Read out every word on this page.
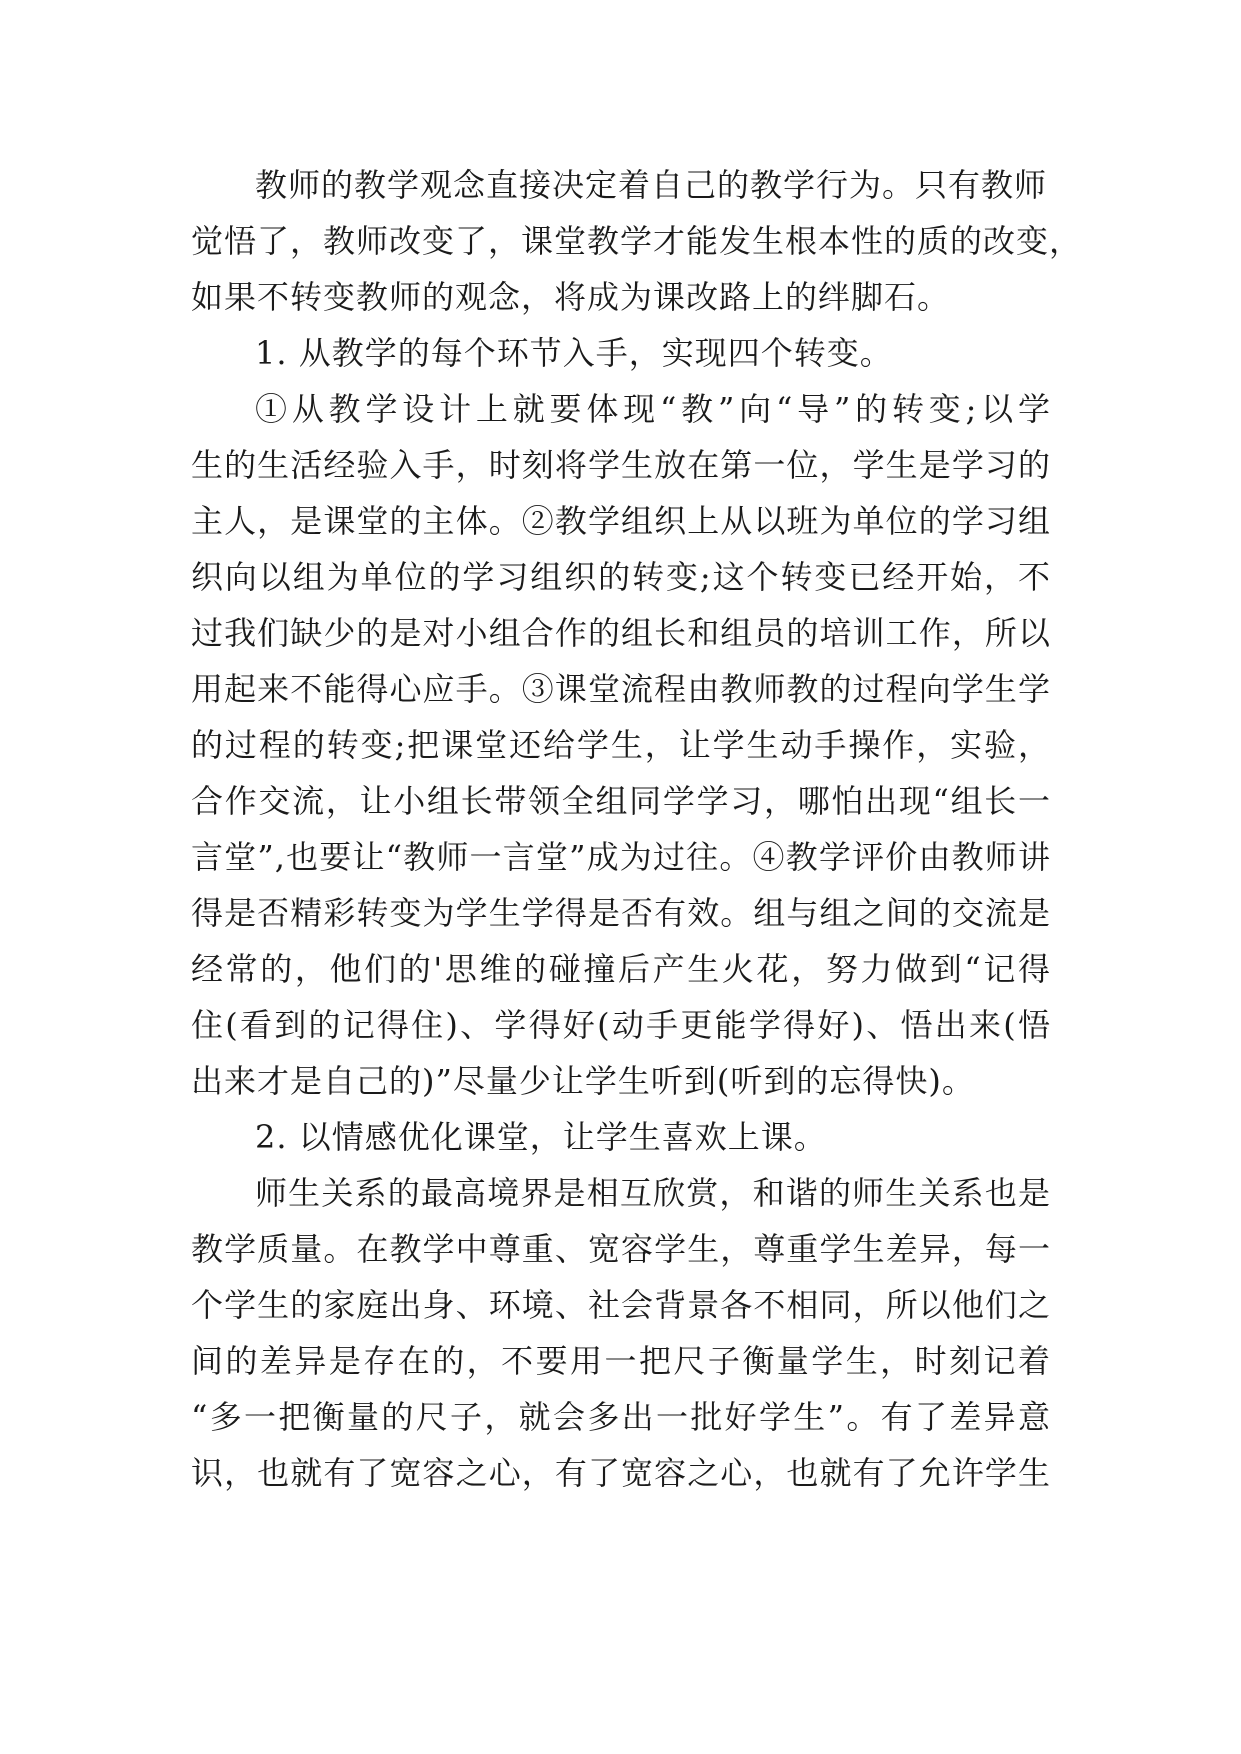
教师的教学观念直接决定着自己的教学行为。只有教师
觉悟了，教师改变了，课堂教学才能发生根本性的质的改变，
如果不转变教师的观念，将成为课改路上的绊脚石。
1. 从教学的每个环节入手，实现四个转变。
①从教学设计上就要体现“教”向“导”的转变;以学
生的生活经验入手，时刻将学生放在第一位，学生是学习的
主人，是课堂的主体。②教学组织上从以班为单位的学习组
织向以组为单位的学习组织的转变;这个转变已经开始，不
过我们缺少的是对小组合作的组长和组员的培训工作，所以
用起来不能得心应手。③课堂流程由教师教的过程向学生学
的过程的转变;把课堂还给学生，让学生动手操作，实验，
合作交流，让小组长带领全组同学学习，哪怕出现“组长一
言堂”,也要让“教师一言堂”成为过往。④教学评价由教师讲
得是否精彩转变为学生学得是否有效。组与组之间的交流是
经常的，他们的'思维的碰撞后产生火花，努力做到“记得
住(看到的记得住)、学得好(动手更能学得好)、悟出来(悟
出来才是自己的)”尽量少让学生听到(听到的忘得快)。
2. 以情感优化课堂，让学生喜欢上课。
师生关系的最高境界是相互欣赏，和谐的师生关系也是
教学质量。在教学中尊重、宽容学生，尊重学生差异，每一
个学生的家庭出身、环境、社会背景各不相同，所以他们之
间的差异是存在的，不要用一把尺子衡量学生，时刻记着
“多一把衡量的尺子，就会多出一批好学生”。有了差异意
识，也就有了宽容之心，有了宽容之心，也就有了允许学生
